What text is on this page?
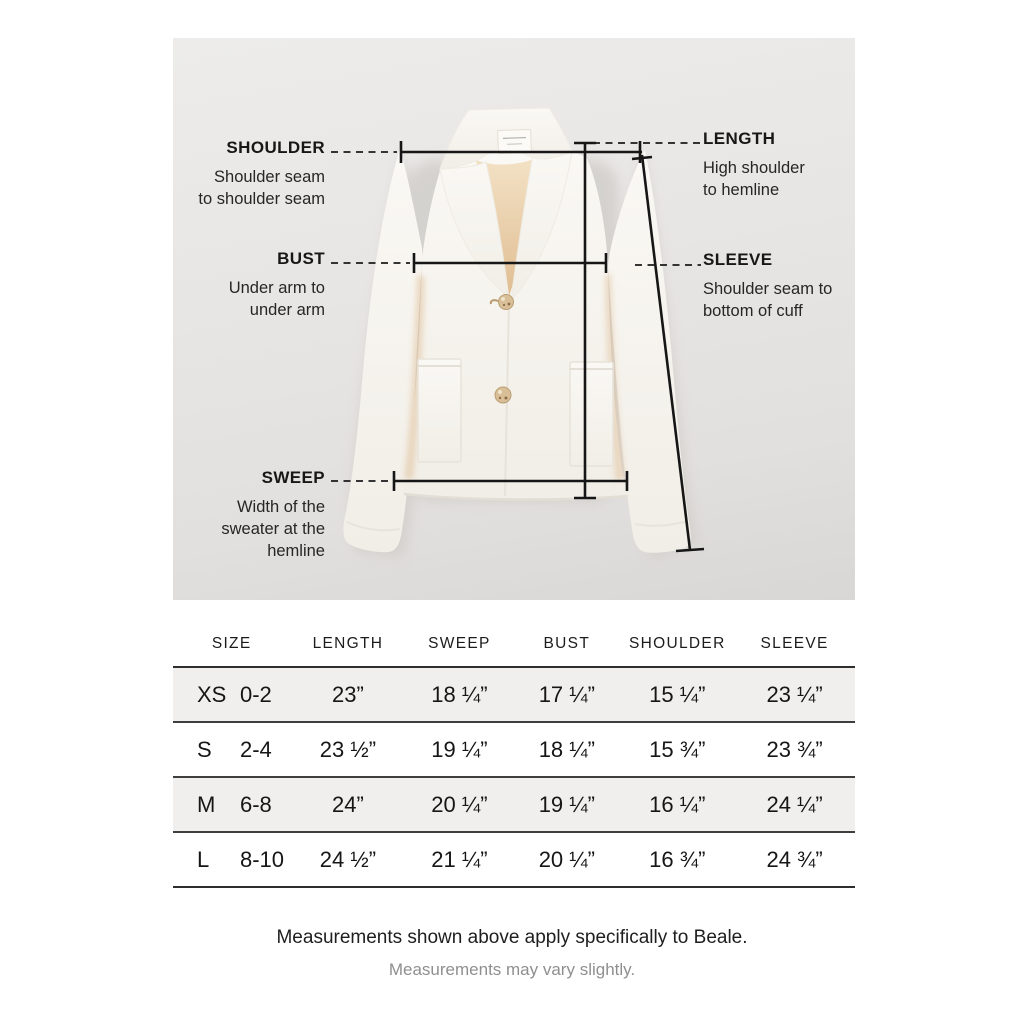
SHOULDER
Shoulder seam
to shoulder seam
LENGTH
High shoulder
to hemline
BUST
Under arm to
under arm
SLEEVE
Shoulder seam to
bottom of cuff
SWEEP
Width of the
sweater at the
hemline
SIZE	LENGTH	SWEEP	BUST	SHOULDER	SLEEVE
XS 0-2	23”	18 ¼”	17 ¼”	15 ¼”	23 ¼”
S	2-4	23 ½”	19 ¼”	18 ¼”	15 ¾”	23 ¾”
M	6-8	24”	20 ¼”	19 ¼”	16 ¼”	24 ¼”
L	8-10	24 ½”	21 ¼”	20 ¼”	16 ¾”	24 ¾”
Measurements shown above apply specifically to Beale.
Measurements may vary slightly.
